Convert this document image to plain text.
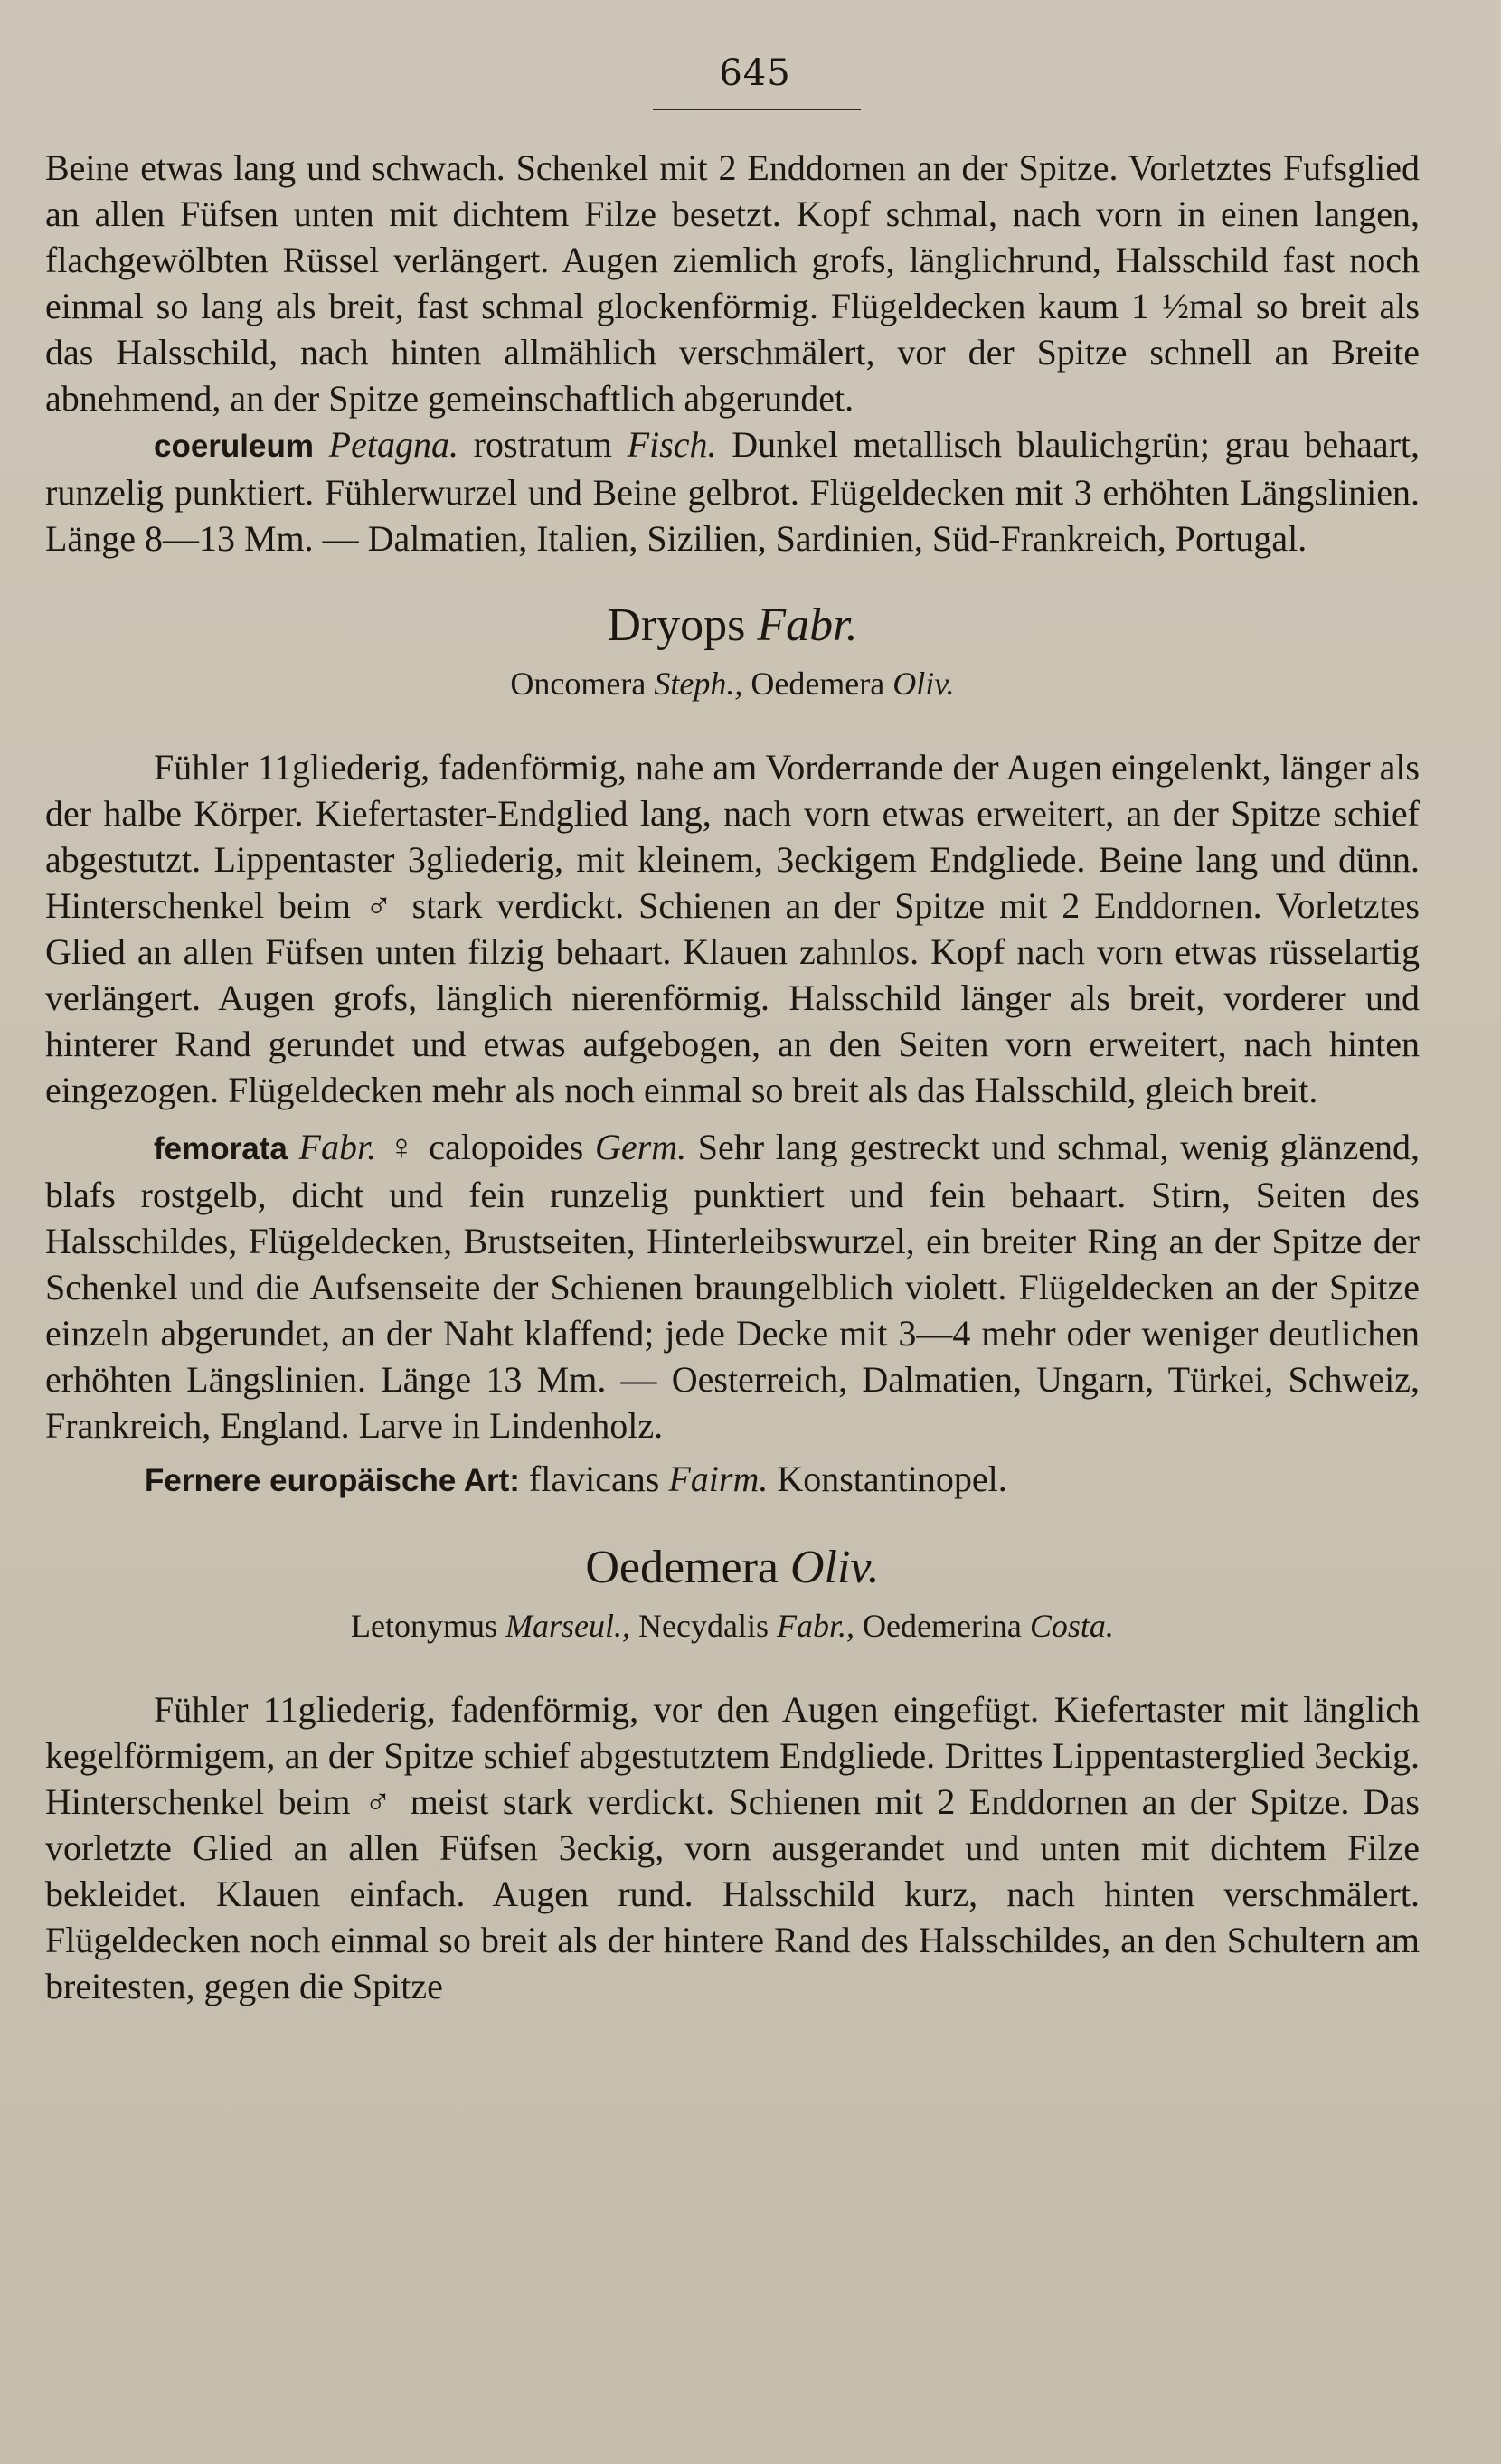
645

Beine etwas lang und schwach. Schenkel mit 2 Enddornen an der Spitze. Vorletztes Fufsglied an allen Füfsen unten mit dichtem Filze besetzt. Kopf schmal, nach vorn in einen langen, flachgewölbten Rüssel verlängert. Augen ziemlich grofs, länglichrund, Halsschild fast noch einmal so lang als breit, fast schmal glockenförmig. Flügeldecken kaum 1 ½mal so breit als das Halsschild, nach hinten allmählich verschmälert, vor der Spitze schnell an Breite abnehmend, an der Spitze gemeinschaftlich abgerundet.

coeruleum Petagna. rostratum Fisch. Dunkel metallisch blaulichgrün; grau behaart, runzelig punktiert. Fühlerwurzel und Beine gelbrot. Flügeldecken mit 3 erhöhten Längslinien. Länge 8—13 Mm. — Dalmatien, Italien, Sizilien, Sardinien, Süd-Frankreich, Portugal.

Dryops Fabr.
Oncomera Steph., Oedemera Oliv.

Fühler 11gliederig, fadenförmig, nahe am Vorderrande der Augen eingelenkt, länger als der halbe Körper. Kiefertaster-Endglied lang, nach vorn etwas erweitert, an der Spitze schief abgestutzt. Lippentaster 3gliederig, mit kleinem, 3eckigem Endgliede. Beine lang und dünn. Hinterschenkel beim ♂ stark verdickt. Schienen an der Spitze mit 2 Enddornen. Vorletztes Glied an allen Füfsen unten filzig behaart. Klauen zahnlos. Kopf nach vorn etwas rüsselartig verlängert. Augen grofs, länglich nierenförmig. Halsschild länger als breit, vorderer und hinterer Rand gerundet und etwas aufgebogen, an den Seiten vorn erweitert, nach hinten eingezogen. Flügeldecken mehr als noch einmal so breit als das Halsschild, gleich breit.

femorata Fabr. ♀ calopoides Germ. Sehr lang gestreckt und schmal, wenig glänzend, blafs rostgelb, dicht und fein runzelig punktiert und fein behaart. Stirn, Seiten des Halsschildes, Flügeldecken, Brustseiten, Hinterleibswurzel, ein breiter Ring an der Spitze der Schenkel und die Aufsenseite der Schienen braungelblich violett. Flügeldecken an der Spitze einzeln abgerundet, an der Naht klaffend; jede Decke mit 3—4 mehr oder weniger deutlichen erhöhten Längslinien. Länge 13 Mm. — Oesterreich, Dalmatien, Ungarn, Türkei, Schweiz, Frankreich, England. Larve in Lindenholz.

Fernere europäische Art: flavicans Fairm. Konstantinopel.

Oedemera Oliv.
Letonymus Marseul., Necydalis Fabr., Oedemerina Costa.

Fühler 11gliederig, fadenförmig, vor den Augen eingefügt. Kiefertaster mit länglich kegelförmigem, an der Spitze schief abgestutztem Endgliede. Drittes Lippentasterglied 3eckig. Hinterschenkel beim ♂ meist stark verdickt. Schienen mit 2 Enddornen an der Spitze. Das vorletzte Glied an allen Füfsen 3eckig, vorn ausgerandet und unten mit dichtem Filze bekleidet. Klauen einfach. Augen rund. Halsschild kurz, nach hinten verschmälert. Flügeldecken noch einmal so breit als der hintere Rand des Halsschildes, an den Schultern am breitesten, gegen die Spitze
